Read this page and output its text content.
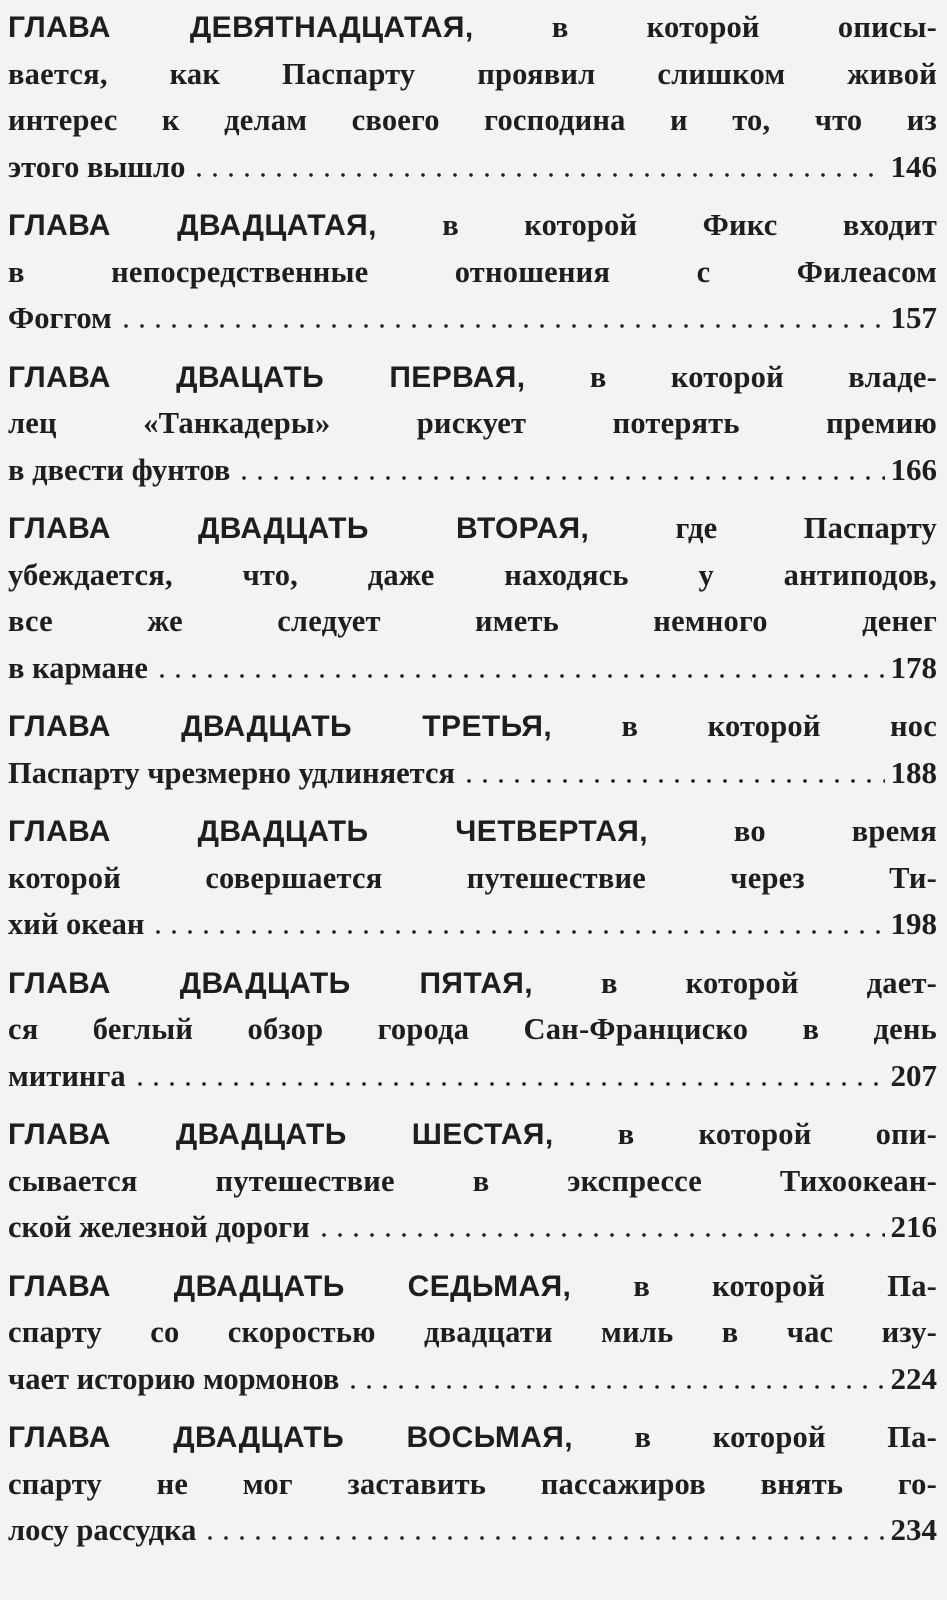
ГЛАВА ДЕВЯТНАДЦАТАЯ,	в которой описы-
вается, как Паспарту проявил слишком живой
интерес к делам своего господина и то, что из
этого вышло	146
ГЛАВА ДВАДЦАТАЯ, в которой Фикс входит
в непосредственные отношения с Филеасом
Фоггом	157
ГЛАВА ДВАЦАТЬ ПЕРВАЯ, в которой владе-
лец «Танкадеры» рискует потерять премию
в двести фунтов	166
ГЛАВА ДВАДЦАТЬ ВТОРАЯ,	где Паспарту
убеждается, что, даже находясь у антиподов,
все же следует иметь немного денег
в кармане	178
ГЛАВА ДВАДЦАТЬ ТРЕТЬЯ, в которой нос
Паспарту чрезмерно удлиняется	188
ГЛАВА ДВАДЦАТЬ ЧЕТВЕРТАЯ,	во время
которой совершается путешествие через Ти-
хий океан	198
ГЛАВА ДВАДЦАТЬ ПЯТАЯ, в которой дает-
ся беглый обзор города Сан-Франциско в день
митинга	207
ГЛАВА ДВАДЦАТЬ ШЕСТАЯ, в которой опи-
сывается путешествие в экспрессе Тихоокеан-
ской железной дороги	216
ГЛАВА ДВАДЦАТЬ СЕДЬМАЯ, в которой Па-
спарту со скоростью двадцати миль в час изу-
чает историю мормонов	224
ГЛАВА ДВАДЦАТЬ ВОСЬМАЯ, в которой Па-
спарту не мог заставить пассажиров внять го-
лосу рассудка	234
